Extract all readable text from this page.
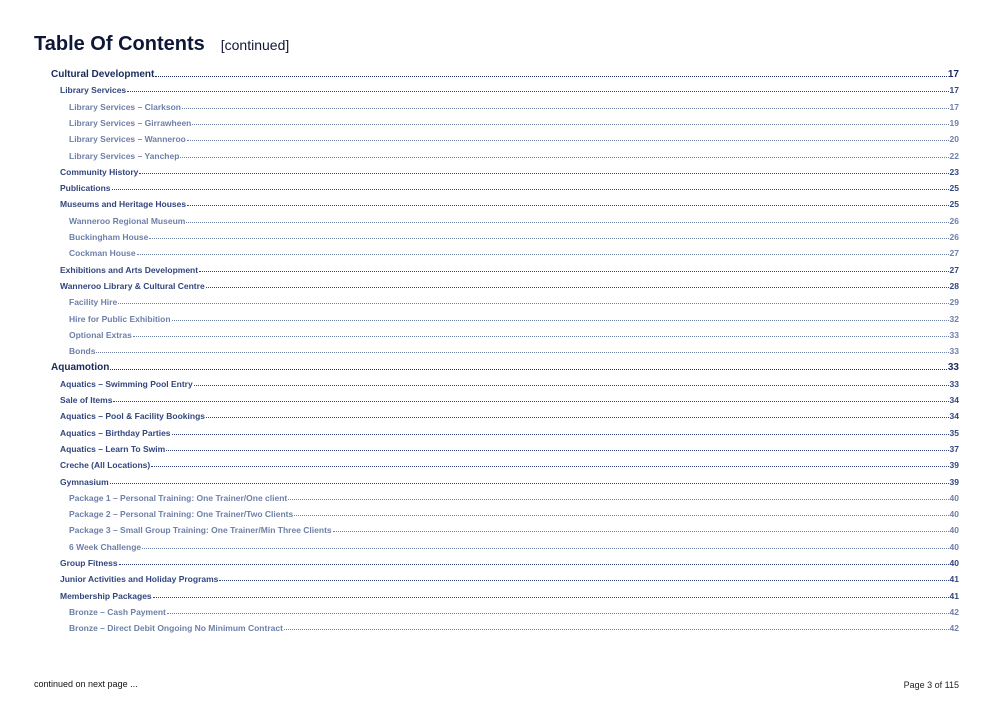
Table Of Contents [continued]
Cultural Development	17
Library Services	17
Library Services – Clarkson	17
Library Services – Girrawheen	19
Library Services – Wanneroo	20
Library Services – Yanchep	22
Community History	23
Publications	25
Museums and Heritage Houses	25
Wanneroo Regional Museum	26
Buckingham House	26
Cockman House	27
Exhibitions and Arts Development	27
Wanneroo Library & Cultural Centre	28
Facility Hire	29
Hire for Public Exhibition	32
Optional Extras	33
Bonds	33
Aquamotion	33
Aquatics – Swimming Pool Entry	33
Sale of Items	34
Aquatics – Pool & Facility Bookings	34
Aquatics – Birthday Parties	35
Aquatics – Learn To Swim	37
Creche (All Locations)	39
Gymnasium	39
Package 1 – Personal Training: One Trainer/One client	40
Package 2 – Personal Training: One Trainer/Two Clients	40
Package 3 – Small Group Training: One Trainer/Min Three Clients	40
6 Week Challenge	40
Group Fitness	40
Junior Activities and Holiday Programs	41
Membership Packages	41
Bronze – Cash Payment	42
Bronze – Direct Debit Ongoing No Minimum Contract	42
continued on next page ...	Page 3 of 115
